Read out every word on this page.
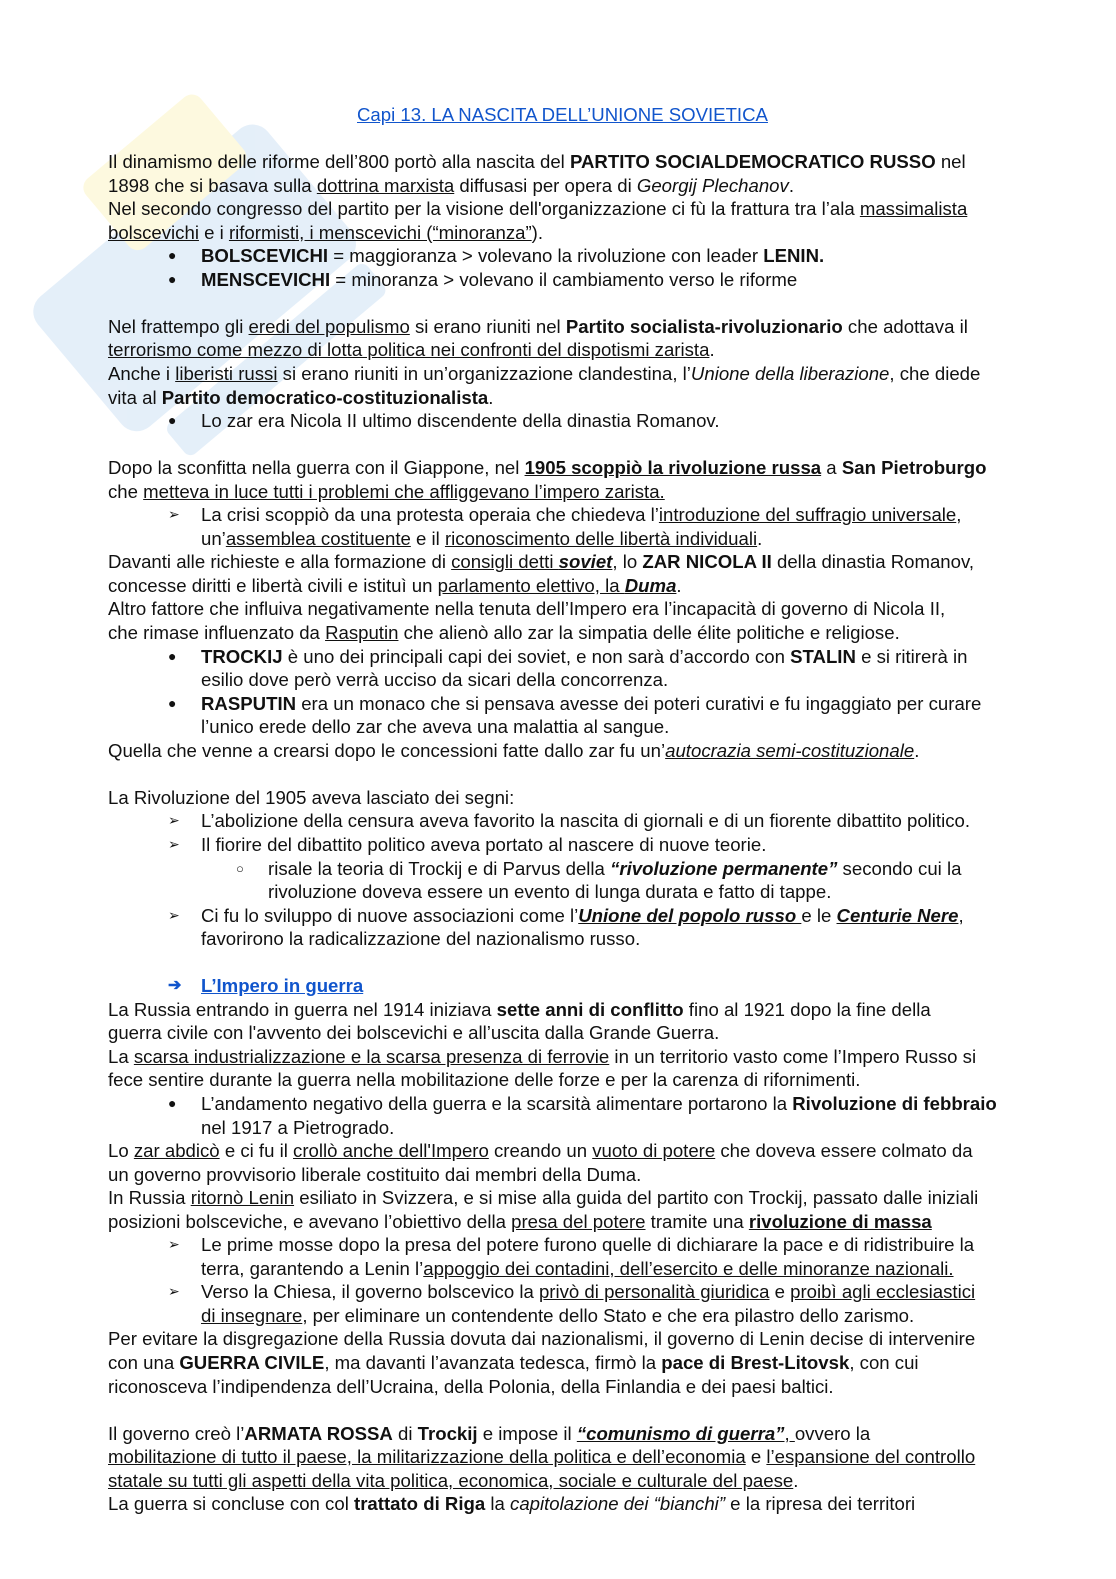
Capi 13. LA NASCITA DELL’UNIONE SOVIETICA
Il dinamismo delle riforme dell’800 portò alla nascita del PARTITO SOCIALDEMOCRATICO RUSSO nel
1898 che si basava sulla dottrina marxista diffusasi per opera di Georgij Plechanov.
Nel secondo congresso del partito per la visione dell'organizzazione ci fù la frattura tra l’ala massimalista
bolscevichi e i riformisti, i menscevichi (“minoranza”).
● BOLSCEVICHI = maggioranza > volevano la rivoluzione con leader LENIN.
● MENSCEVICHI = minoranza > volevano il cambiamento verso le riforme
Nel frattempo gli eredi del populismo si erano riuniti nel Partito socialista-rivoluzionario che adottava il
terrorismo come mezzo di lotta politica nei confronti del dispotismi zarista.
Anche i liberisti russi si erano riuniti in un’organizzazione clandestina, l’Unione della liberazione, che diede
vita al Partito democratico-costituzionalista.
● Lo zar era Nicola II ultimo discendente della dinastia Romanov.
Dopo la sconfitta nella guerra con il Giappone, nel 1905 scoppiò la rivoluzione russa a San Pietroburgo
che metteva in luce tutti i problemi che affliggevano l’impero zarista.
➢ La crisi scoppiò da una protesta operaia che chiedeva l’introduzione del suffragio universale,
un’assemblea costituente e il riconoscimento delle libertà individuali.
Davanti alle richieste e alla formazione di consigli detti soviet, lo ZAR NICOLA II della dinastia Romanov,
concesse diritti e libertà civili e istituì un parlamento elettivo, la Duma.
Altro fattore che influiva negativamente nella tenuta dell’Impero era l’incapacità di governo di Nicola II,
che rimase influenzato da Rasputin che alienò allo zar la simpatia delle élite politiche e religiose.
● TROCKIJ è uno dei principali capi dei soviet, e non sarà d’accordo con STALIN e si ritirerà in
esilio dove però verrà ucciso da sicari della concorrenza.
● RASPUTIN era un monaco che si pensava avesse dei poteri curativi e fu ingaggiato per curare
l’unico erede dello zar che aveva una malattia al sangue.
Quella che venne a crearsi dopo le concessioni fatte dallo zar fu un’autocrazia semi-costituzionale.
La Rivoluzione del 1905 aveva lasciato dei segni:
➢ L’abolizione della censura aveva favorito la nascita di giornali e di un fiorente dibattito politico.
➢ Il fiorire del dibattito politico aveva portato al nascere di nuove teorie.
○ risale la teoria di Trockij e di Parvus della “rivoluzione permanente” secondo cui la
rivoluzione doveva essere un evento di lunga durata e fatto di tappe.
➢ Ci fu lo sviluppo di nuove associazioni come l’Unione del popolo russo e le Centurie Nere,
favorirono la radicalizzazione del nazionalismo russo.
➔ L’Impero in guerra
La Russia entrando in guerra nel 1914 iniziava sette anni di conflitto fino al 1921 dopo la fine della
guerra civile con l'avvento dei bolscevichi e all’uscita dalla Grande Guerra.
La scarsa industrializzazione e la scarsa presenza di ferrovie in un territorio vasto come l’Impero Russo si
fece sentire durante la guerra nella mobilitazione delle forze e per la carenza di rifornimenti.
● L’andamento negativo della guerra e la scarsità alimentare portarono la Rivoluzione di febbraio
nel 1917 a Pietrogrado.
Lo zar abdicò e ci fu il crollò anche dell'Impero creando un vuoto di potere che doveva essere colmato da
un governo provvisorio liberale costituito dai membri della Duma.
In Russia ritornò Lenin esiliato in Svizzera, e si mise alla guida del partito con Trockij, passato dalle iniziali
posizioni bolsceviche, e avevano l’obiettivo della presa del potere tramite una rivoluzione di massa
➢ Le prime mosse dopo la presa del potere furono quelle di dichiarare la pace e di ridistribuire la
terra, garantendo a Lenin l’appoggio dei contadini, dell’esercito e delle minoranze nazionali.
➢ Verso la Chiesa, il governo bolscevico la privò di personalità giuridica e proibì agli ecclesiastici
di insegnare, per eliminare un contendente dello Stato e che era pilastro dello zarismo.
Per evitare la disgregazione della Russia dovuta dai nazionalismi, il governo di Lenin decise di intervenire
con una GUERRA CIVILE, ma davanti l’avanzata tedesca, firmò la pace di Brest-Litovsk, con cui
riconoscevа l’indipendenza dell’Ucraina, della Polonia, della Finlandia e dei paesi baltici.
Il governo creò l’ARMATA ROSSA di Trockij e impose il “comunismo di guerra”, ovvero la
mobilitazione di tutto il paese, la militarizzazione della politica e dell’economia e l’espansione del controllo
statale su tutti gli aspetti della vita politica, economica, sociale e culturale del paese.
La guerra si concluse con col trattato di Riga la capitolazione dei “bianchi” e la ripresa dei territori
